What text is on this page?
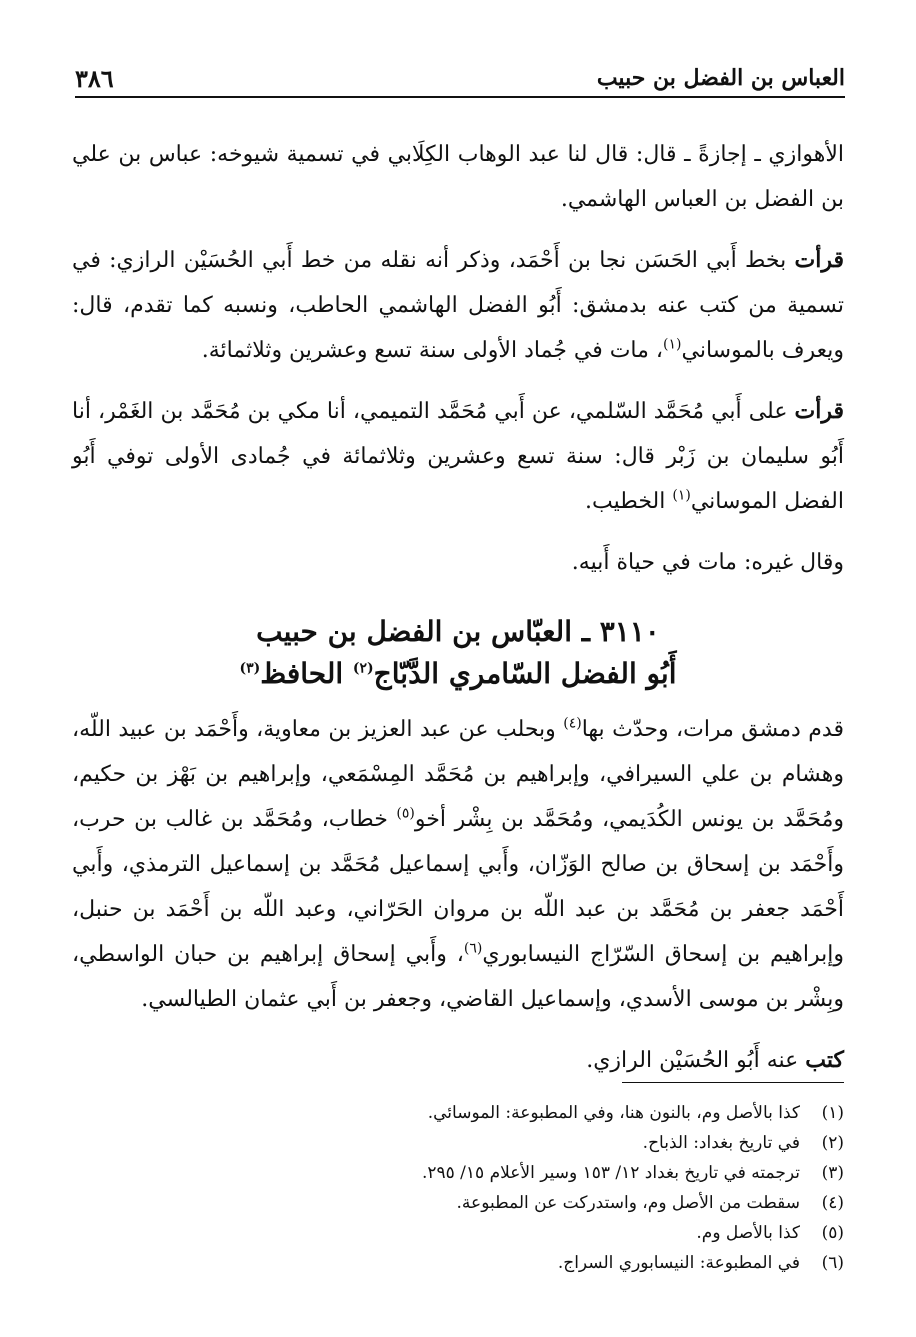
العباس بن الفضل بن حبيب
٣٨٦

الأهوازي ـ إجازةً ـ قال: قال لنا عبد الوهاب الكِلَابي في تسمية شيوخه: عباس بن علي بن الفضل بن العباس الهاشمي.

قرأت بخط أَبي الحَسَن نجا بن أَحْمَد، وذكر أنه نقله من خط أَبي الحُسَيْن الرازي: في تسمية من كتب عنه بدمشق: أَبُو الفضل الهاشمي الحاطب، ونسبه كما تقدم، قال: ويعرف بالموساني$^{(١)}$، مات في جُماد الأولى سنة تسع وعشرين وثلاثمائة.

قرأت على أَبي مُحَمَّد السّلمي، عن أَبي مُحَمَّد التميمي، أنا مكي بن مُحَمَّد بن الغَمْر، أنا أَبُو سليمان بن زَبْر قال: سنة تسع وعشرين وثلاثمائة في جُمادى الأولى توفي أَبُو الفضل الموساني$^{(١)}$ الخطيب.

وقال غيره: مات في حياة أَبيه.

٣١١٠ ـ العبّاس بن الفضل بن حبيب
أَبُو الفضل السّامري الدَّبّاج$^{(٢)}$ الحافظ$^{(٣)}$

قدم دمشق مرات، وحدّث بها$^{(٤)}$ وبحلب عن عبد العزيز بن معاوية، وأَحْمَد بن عبيد اللّه، وهشام بن علي السيرافي، وإبراهيم بن مُحَمَّد المِسْمَعي، وإبراهيم بن بَهْز بن حكيم، ومُحَمَّد بن يونس الكُدَيمي، ومُحَمَّد بن بِشْر أخو$^{(٥)}$ خطاب، ومُحَمَّد بن غالب بن حرب، وأَحْمَد بن إسحاق بن صالح الوَزّان، وأَبي إسماعيل مُحَمَّد بن إسماعيل الترمذي، وأَبي أَحْمَد جعفر بن مُحَمَّد بن عبد اللّه بن مروان الحَرّاني، وعبد اللّه بن أَحْمَد بن حنبل، وإبراهيم بن إسحاق السّرّاج النيسابوري$^{(٦)}$، وأَبي إسحاق إبراهيم بن حبان الواسطي، وبِشْر بن موسى الأسدي، وإسماعيل القاضي، وجعفر بن أَبي عثمان الطيالسي.

كتب عنه أَبُو الحُسَيْن الرازي.

(١)
كذا بالأصل وم، بالنون هنا، وفي المطبوعة: الموسائي.
(٢)
في تاريخ بغداد: الذباح.
(٣)
ترجمته في تاريخ بغداد ١٢/ ١٥٣ وسير الأعلام ١٥/ ٢٩٥.
(٤)
سقطت من الأصل وم، واستدركت عن المطبوعة.
(٥)
كذا بالأصل وم.
(٦)
في المطبوعة: النيسابوري السراج.
